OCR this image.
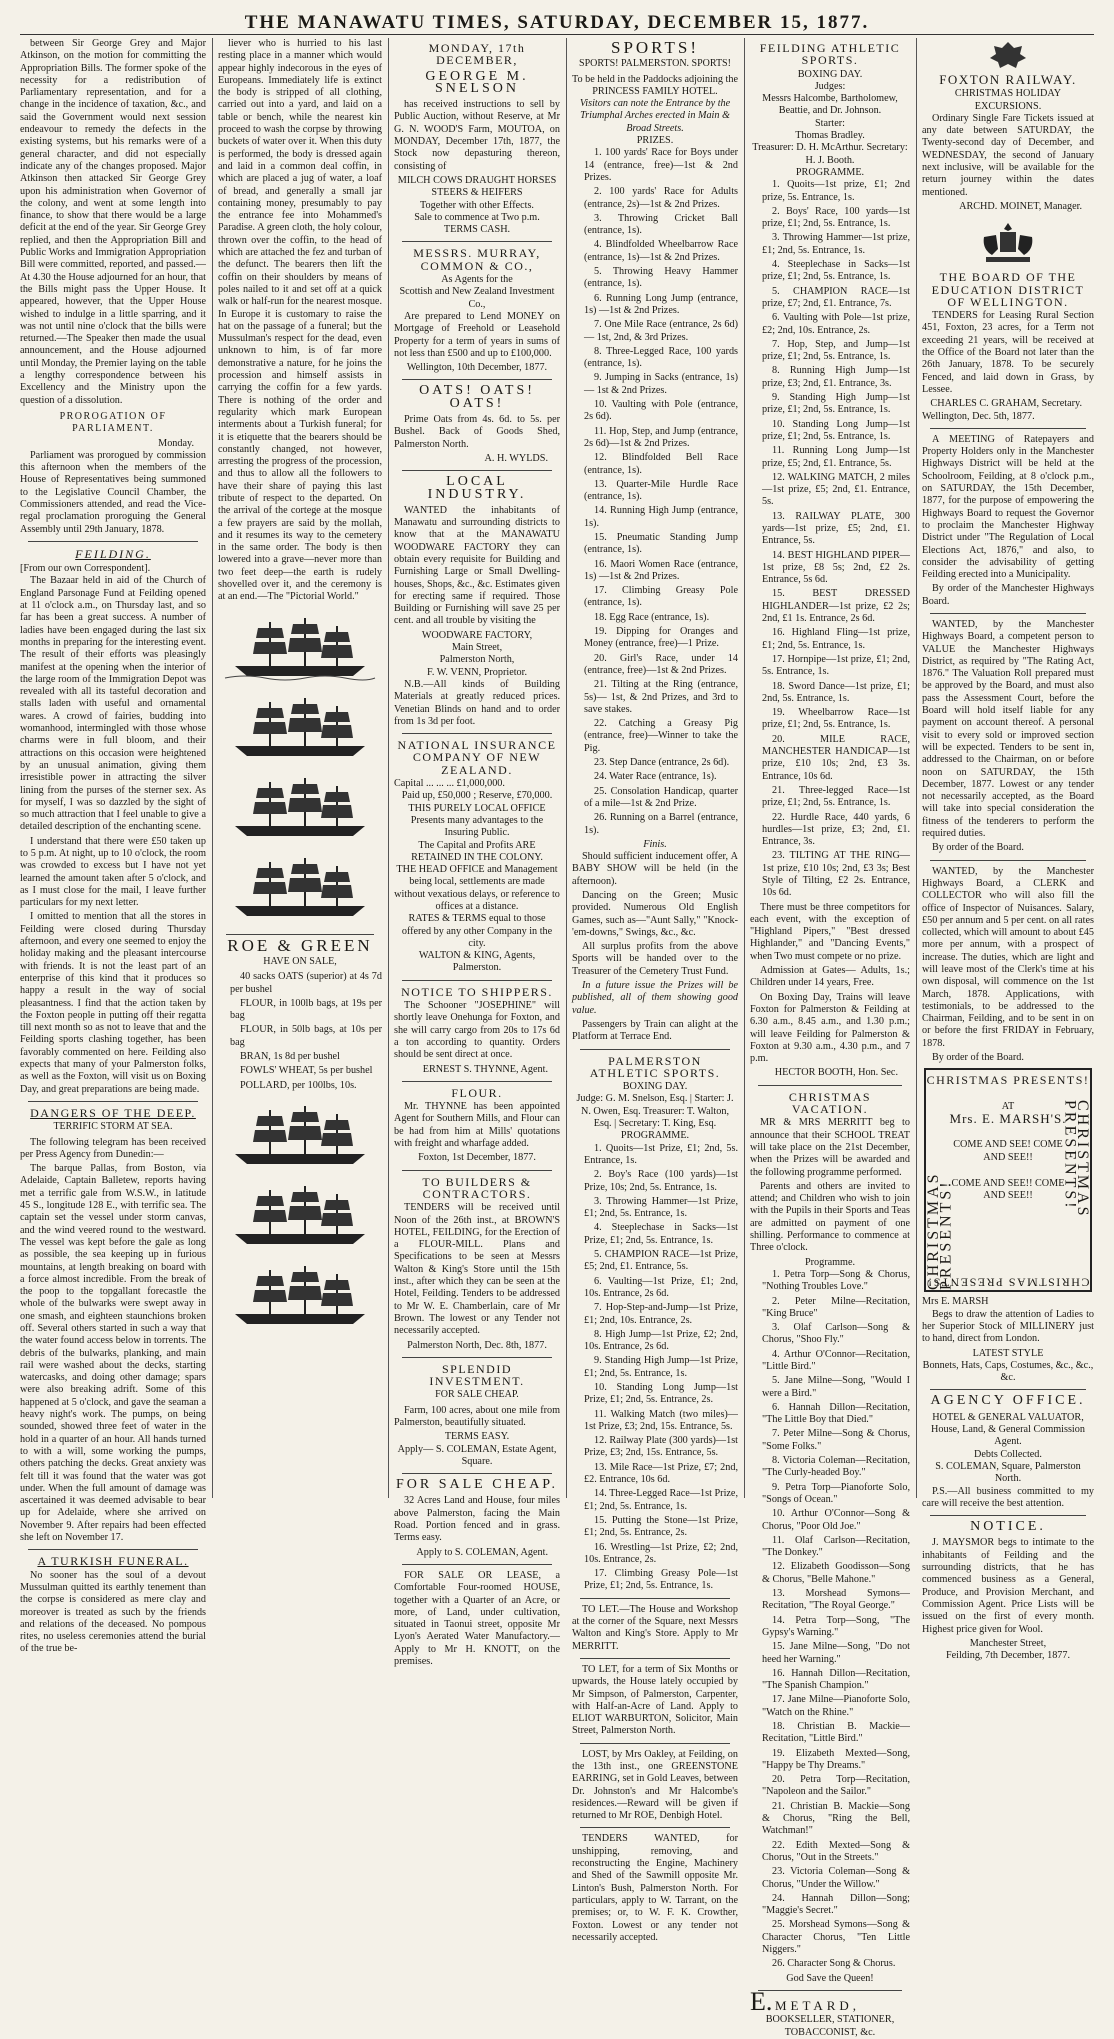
THE MANAWATU TIMES, SATURDAY, DECEMBER 15, 1877.

between Sir George Grey and Major Atkinson, on the motion for committing the Appropriation Bills. The former spoke of the necessity for a redistribution of Parliamentary representation, and for a change in the incidence of taxation, &c., and said the Government would next session endeavour to remedy the defects in the existing systems, but his remarks were of a general character, and did not especially indicate any of the changes proposed. Major Atkinson then attacked Sir George Grey upon his administration when Governor of the colony, and went at some length into finance, to show that there would be a large deficit at the end of the year. Sir George Grey replied, and then the Appropriation Bill and Public Works and Immigration Appropriation Bill were committed, reported, and passed.—At 4.30 the House adjourned for an hour, that the Bills might pass the Upper House. It appeared, however, that the Upper House wished to indulge in a little sparring, and it was not until nine o'clock that the bills were returned.—The Speaker then made the usual announcement, and the House adjourned until Monday, the Premier laying on the table a lengthy correspondence between his Excellency and the Ministry upon the question of a dissolution.

PROROGATION OF PARLIAMENT.
Monday.

Parliament was prorogued by commission this afternoon when the members of the House of Representatives being summoned to the Legislative Council Chamber, the Commissioners attended, and read the Vice-regal proclamation proroguing the General Assembly until 29th January, 1878.

FEILDING.
[From our own Correspondent].

The Bazaar held in aid of the Church of England Parsonage Fund at Feilding opened at 11 o'clock a.m., on Thursday last, and so far has been a great success. A number of ladies have been engaged during the last six months in preparing for the interesting event. The result of their efforts was pleasingly manifest at the opening when the interior of the large room of the Immigration Depot was revealed with all its tasteful decoration and stalls laden with useful and ornamental wares. A crowd of fairies, budding into womanhood, intermingled with those whose charms were in full bloom, and their attractions on this occasion were heightened by an unusual animation, giving them irresistible power in attracting the silver lining from the purses of the sterner sex. As for myself, I was so dazzled by the sight of so much attraction that I feel unable to give a detailed description of the enchanting scene.

I understand that there were £50 taken up to 5 p.m. At night, up to 10 o'clock, the room was crowded to excess but I have not yet learned the amount taken after 5 o'clock, and as I must close for the mail, I leave further particulars for my next letter.

I omitted to mention that all the stores in Feilding were closed during Thursday afternoon, and every one seemed to enjoy the holiday making and the pleasant intercourse with friends. It is not the least part of an enterprise of this kind that it produces so happy a result in the way of social pleasantness. I find that the action taken by the Foxton people in putting off their regatta till next month so as not to leave that and the Feilding sports clashing together, has been favorably commented on here. Feilding also expects that many of your Palmerston folks, as well as the Foxton, will visit us on Boxing Day, and great preparations are being made.

DANGERS OF THE DEEP.
TERRIFIC STORM AT SEA.

The following telegram has been received per Press Agency from Dunedin:—

The barque Pallas, from Boston, via Adelaide, Captain Balletew, reports having met a terrific gale from W.S.W., in latitude 45 S., longitude 128 E., with terrific sea. The captain set the vessel under storm canvas, and the wind veered round to the westward. The vessel was kept before the gale as long as possible, the sea keeping up in furious mountains, at length breaking on board with a force almost incredible. From the break of the poop to the topgallant forecastle the whole of the bulwarks were swept away in one smash, and eighteen staunchions broken off. Several others started in such a way that the water found access below in torrents. The debris of the bulwarks, planking, and main rail were washed about the decks, starting watercasks, and doing other damage; spars were also breaking adrift. Some of this happened at 5 o'clock, and gave the seaman a heavy night's work. The pumps, on being sounded, showed three feet of water in the hold in a quarter of an hour. All hands turned to with a will, some working the pumps, others patching the decks. Great anxiety was felt till it was found that the water was got under. When the full amount of damage was ascertained it was deemed advisable to bear up for Adelaide, where she arrived on November 9. After repairs had been effected she left on November 17.

A TURKISH FUNERAL.

No sooner has the soul of a devout Mussulman quitted its earthly tenement than the corpse is considered as mere clay and moreover is treated as such by the friends and relations of the deceased. No pompous rites, no useless ceremonies attend the burial of the true be-

liever who is hurried to his last resting place in a manner which would appear highly indecorous in the eyes of Europeans. Immediately life is extinct the body is stripped of all clothing, carried out into a yard, and laid on a table or bench, while the nearest kin proceed to wash the corpse by throwing buckets of water over it. When this duty is performed, the body is dressed again and laid in a common deal coffin, in which are placed a jug of water, a loaf of bread, and generally a small jar containing money, presumably to pay the entrance fee into Mohammed's Paradise. A green cloth, the holy colour, thrown over the coffin, to the head of which are attached the fez and turban of the defunct. The bearers then lift the coffin on their shoulders by means of poles nailed to it and set off at a quick walk or half-run for the nearest mosque. In Europe it is customary to raise the hat on the passage of a funeral; but the Mussulman's respect for the dead, even unknown to him, is of far more demonstrative a nature, for he joins the procession and himself assists in carrying the coffin for a few yards. There is nothing of the order and regularity which mark European interments about a Turkish funeral; for it is etiquette that the bearers should be constantly changed, not however, arresting the progress of the procession, and thus to allow all the followers to have their share of paying this last tribute of respect to the departed. On the arrival of the cortege at the mosque a few prayers are said by the mollah, and it resumes its way to the cemetery in the same order. The body is then lowered into a grave—never more than two feet deep—the earth is rudely shovelled over it, and the ceremony is at an end.—The "Pictorial World."

ROE & GREEN
HAVE ON SALE,

40 sacks OATS (superior) at 4s 7d per bushel

FLOUR, in 100lb bags, at 19s per bag

FLOUR, in 50lb bags, at 10s per bag

BRAN, 1s 8d per bushel

FOWLS' WHEAT, 5s per bushel

POLLARD, per 100lbs, 10s.

MONDAY, 17th DECEMBER,
GEORGE M. SNELSON

has received instructions to sell by Public Auction, without Reserve, at Mr G. N. WOOD'S Farm, MOUTOA, on MONDAY, December 17th, 1877, the Stock now depasturing thereon, consisting of

MILCH COWS DRAUGHT HORSES STEERS & HEIFERS
Together with other Effects.
Sale to commence at Two p.m.
TERMS CASH.
MESSRS. MURRAY, COMMON & CO.,
As Agents for the
Scottish and New Zealand Investment Co.,

Are prepared to Lend MONEY on Mortgage of Freehold or Leasehold Property for a term of years in sums of not less than £500 and up to £100,000.

Wellington, 10th December, 1877.
OATS! OATS! OATS!

Prime Oats from 4s. 6d. to 5s. per Bushel. Back of Goods Shed, Palmerston North.

A. H. WYLDS.
LOCAL INDUSTRY.

WANTED the inhabitants of Manawatu and surrounding districts to know that at the MANAWATU WOODWARE FACTORY they can obtain every requisite for Building and Furnishing Large or Small Dwelling-houses, Shops, &c., &c. Estimates given for erecting same if required. Those Building or Furnishing will save 25 per cent. and all trouble by visiting the

WOODWARE FACTORY,
Main Street,
Palmerston North,
F. W. VENN, Proprietor.

N.B.—All kinds of Building Materials at greatly reduced prices. Venetian Blinds on hand and to order from 1s 3d per foot.

NATIONAL INSURANCE COMPANY OF NEW ZEALAND.
Capital ... ... ... £1,000,000.
Paid up, £50,000 ; Reserve, £70,000.
THIS PURELY LOCAL OFFICE Presents many advantages to the Insuring Public.
The Capital and Profits ARE RETAINED IN THE COLONY.
THE HEAD OFFICE and Management being local, settlements are made without vexatious delays, or reference to offices at a distance.
RATES & TERMS equal to those offered by any other Company in the city.
WALTON & KING, Agents, Palmerston.
NOTICE TO SHIPPERS.

The Schooner "JOSEPHINE" will shortly leave Onehunga for Foxton, and she will carry cargo from 20s to 17s 6d a ton according to quantity. Orders should be sent direct at once.

ERNEST S. THYNNE, Agent.
FLOUR.

Mr. THYNNE has been appointed Agent for Southern Mills, and Flour can be had from him at Mills' quotations with freight and wharfage added.

Foxton, 1st December, 1877.
TO BUILDERS & CONTRACTORS.

TENDERS will be received until Noon of the 26th inst., at BROWN'S HOTEL, FEILDING, for the Erection of a FLOUR-MILL. Plans and Specifications to be seen at Messrs Walton & King's Store until the 15th inst., after which they can be seen at the Hotel, Feilding. Tenders to be addressed to Mr W. E. Chamberlain, care of Mr Brown. The lowest or any Tender not necessarily accepted.

Palmerston North, Dec. 8th, 1877.
SPLENDID INVESTMENT.
FOR SALE CHEAP.

Farm, 100 acres, about one mile from Palmerston, beautifully situated.

TERMS EASY.
Apply— S. COLEMAN, Estate Agent, Square.
FOR SALE CHEAP.

32 Acres Land and House, four miles above Palmerston, facing the Main Road. Portion fenced and in grass. Terms easy.

Apply to S. COLEMAN, Agent.

FOR SALE OR LEASE, a Comfortable Four-roomed HOUSE, together with a Quarter of an Acre, or more, of Land, under cultivation, situated in Taonui street, opposite Mr Lyon's Aerated Water Manufactory.— Apply to Mr H. KNOTT, on the premises.

SPORTS!
SPORTS! PALMERSTON. SPORTS!
To be held in the Paddocks adjoining the
PRINCESS FAMILY HOTEL.
Visitors can note the Entrance by the Triumphal Arches erected in Main & Broad Streets.
PRIZES.

1. 100 yards' Race for Boys under 14 (entrance, free)—1st & 2nd Prizes.

2. 100 yards' Race for Adults (entrance, 2s)—1st & 2nd Prizes.

3. Throwing Cricket Ball (entrance, 1s).

4. Blindfolded Wheelbarrow Race (entrance, 1s)—1st & 2nd Prizes.

5. Throwing Heavy Hammer (entrance, 1s).

6. Running Long Jump (entrance, 1s) —1st & 2nd Prizes.

7. One Mile Race (entrance, 2s 6d)— 1st, 2nd, & 3rd Prizes.

8. Three-Legged Race, 100 yards (entrance, 1s).

9. Jumping in Sacks (entrance, 1s)— 1st & 2nd Prizes.

10. Vaulting with Pole (entrance, 2s 6d).

11. Hop, Step, and Jump (entrance, 2s 6d)—1st & 2nd Prizes.

12. Blindfolded Bell Race (entrance, 1s).

13. Quarter-Mile Hurdle Race (entrance, 1s).

14. Running High Jump (entrance, 1s).

15. Pneumatic Standing Jump (entrance, 1s).

16. Maori Women Race (entrance, 1s) —1st & 2nd Prizes.

17. Climbing Greasy Pole (entrance, 1s).

18. Egg Race (entrance, 1s).

19. Dipping for Oranges and Money (entrance, free)—1 Prize.

20. Girl's Race, under 14 (entrance, free)—1st & 2nd Prizes.

21. Tilting at the Ring (entrance, 5s)— 1st, & 2nd Prizes, and 3rd to save stakes.

22. Catching a Greasy Pig (entrance, free)—Winner to take the Pig.

23. Step Dance (entrance, 2s 6d).

24. Water Race (entrance, 1s).

25. Consolation Handicap, quarter of a mile—1st & 2nd Prize.

26. Running on a Barrel (entrance, 1s).

Finis.

Should sufficient inducement offer, A BABY SHOW will be held (in the afternoon).

Dancing on the Green; Music provided. Numerous Old English Games, such as—"Aunt Sally," "Knock-'em-downs," Swings, &c., &c.

All surplus profits from the above Sports will be handed over to the Treasurer of the Cemetery Trust Fund.

In a future issue the Prizes will be published, all of them showing good value.

Passengers by Train can alight at the Platform at Terrace End.

PALMERSTON ATHLETIC SPORTS.
BOXING DAY.
Judge: G. M. Snelson, Esq. | Starter: J. N. Owen, Esq. Treasurer: T. Walton, Esq. | Secretary: T. King, Esq.
PROGRAMME.

1. Quoits—1st Prize, £1; 2nd, 5s. Entrance, 1s.

2. Boy's Race (100 yards)—1st Prize, 10s; 2nd, 5s. Entrance, 1s.

3. Throwing Hammer—1st Prize, £1; 2nd, 5s. Entrance, 1s.

4. Steeplechase in Sacks—1st Prize, £1; 2nd, 5s. Entrance, 1s.

5. CHAMPION RACE—1st Prize, £5; 2nd, £1. Entrance, 5s.

6. Vaulting—1st Prize, £1; 2nd, 10s. Entrance, 2s 6d.

7. Hop-Step-and-Jump—1st Prize, £1; 2nd, 10s. Entrance, 2s.

8. High Jump—1st Prize, £2; 2nd, 10s. Entrance, 2s 6d.

9. Standing High Jump—1st Prize, £1; 2nd, 5s. Entrance, 1s.

10. Standing Long Jump—1st Prize, £1; 2nd, 5s. Entrance, 2s.

11. Walking Match (two miles)—1st Prize, £3; 2nd, 15s. Entrance, 5s.

12. Railway Plate (300 yards)—1st Prize, £3; 2nd, 15s. Entrance, 5s.

13. Mile Race—1st Prize, £7; 2nd, £2. Entrance, 10s 6d.

14. Three-Legged Race—1st Prize, £1; 2nd, 5s. Entrance, 1s.

15. Putting the Stone—1st Prize, £1; 2nd, 5s. Entrance, 2s.

16. Wrestling—1st Prize, £2; 2nd, 10s. Entrance, 2s.

17. Climbing Greasy Pole—1st Prize, £1; 2nd, 5s. Entrance, 1s.

TO LET.—The House and Workshop at the corner of the Square, next Messrs Walton and King's Store. Apply to Mr MERRITT.

TO LET, for a term of Six Months or upwards, the House lately occupied by Mr Simpson, of Palmerston, Carpenter, with Half-an-Acre of Land. Apply to ELIOT WARBURTON, Solicitor, Main Street, Palmerston North.

LOST, by Mrs Oakley, at Feilding, on the 13th inst., one GREENSTONE EARRING, set in Gold Leaves, between Dr. Johnston's and Mr Halcombe's residences.—Reward will be given if returned to Mr ROE, Denbigh Hotel.

TENDERS WANTED, for unshipping, removing, and reconstructing the Engine, Machinery and Shed of the Sawmill opposite Mr. Linton's Bush, Palmerston North. For particulars, apply to W. Tarrant, on the premises; or, to W. F. K. Crowther, Foxton. Lowest or any tender not necessarily accepted.

FEILDING ATHLETIC SPORTS.
BOXING DAY.
Judges:
Messrs Halcombe, Bartholomew, Beattie, and Dr. Johnson.
Starter:
Thomas Bradley.
Treasurer: D. H. McArthur. Secretary: H. J. Booth.
PROGRAMME.

1. Quoits—1st prize, £1; 2nd prize, 5s. Entrance, 1s.

2. Boys' Race, 100 yards—1st prize, £1; 2nd, 5s. Entrance, 1s.

3. Throwing Hammer—1st prize, £1; 2nd, 5s. Entrance, 1s.

4. Steeplechase in Sacks—1st prize, £1; 2nd, 5s. Entrance, 1s.

5. CHAMPION RACE—1st prize, £7; 2nd, £1. Entrance, 7s.

6. Vaulting with Pole—1st prize, £2; 2nd, 10s. Entrance, 2s.

7. Hop, Step, and Jump—1st prize, £1; 2nd, 5s. Entrance, 1s.

8. Running High Jump—1st prize, £3; 2nd, £1. Entrance, 3s.

9. Standing High Jump—1st prize, £1; 2nd, 5s. Entrance, 1s.

10. Standing Long Jump—1st prize, £1; 2nd, 5s. Entrance, 1s.

11. Running Long Jump—1st prize, £5; 2nd, £1. Entrance, 5s.

12. WALKING MATCH, 2 miles—1st prize, £5; 2nd, £1. Entrance, 5s.

13. RAILWAY PLATE, 300 yards—1st prize, £5; 2nd, £1. Entrance, 5s.

14. BEST HIGHLAND PIPER—1st prize, £8 5s; 2nd, £2 2s. Entrance, 5s 6d.

15. BEST DRESSED HIGHLANDER—1st prize, £2 2s; 2nd, £1 1s. Entrance, 2s 6d.

16. Highland Fling—1st prize, £1; 2nd, 5s. Entrance, 1s.

17. Hornpipe—1st prize, £1; 2nd, 5s. Entrance, 1s.

18. Sword Dance—1st prize, £1; 2nd, 5s. Entrance, 1s.

19. Wheelbarrow Race—1st prize, £1; 2nd, 5s. Entrance, 1s.

20. MILE RACE, MANCHESTER HANDICAP—1st prize, £10 10s; 2nd, £3 3s. Entrance, 10s 6d.

21. Three-legged Race—1st prize, £1; 2nd, 5s. Entrance, 1s.

22. Hurdle Race, 440 yards, 6 hurdles—1st prize, £3; 2nd, £1. Entrance, 3s.

23. TILTING AT THE RING—1st prize, £10 10s; 2nd, £3 3s; Best Style of Tilting, £2 2s. Entrance, 10s 6d.

There must be three competitors for each event, with the exception of "Highland Pipers," "Best dressed Highlander," and "Dancing Events," when Two must compete or no prize.

Admission at Gates— Adults, 1s.; Children under 14 years, Free.

On Boxing Day, Trains will leave Foxton for Palmerston & Feilding at 6.30 a.m., 8.45 a.m., and 1.30 p.m.; will leave Feilding for Palmerston & Foxton at 9.30 a.m., 4.30 p.m., and 7 p.m.

HECTOR BOOTH, Hon. Sec.
CHRISTMAS VACATION.

MR & MRS MERRITT beg to announce that their SCHOOL TREAT will take place on the 21st December, when the Prizes will be awarded and the following programme performed.

Parents and others are invited to attend; and Children who wish to join with the Pupils in their Sports and Teas are admitted on payment of one shilling. Performance to commence at Three o'clock.

Programme.

1. Petra Torp—Song & Chorus, "Nothing Troubles Love."

2. Peter Milne—Recitation, "King Bruce"

3. Olaf Carlson—Song & Chorus, "Shoo Fly."

4. Arthur O'Connor—Recitation, "Little Bird."

5. Jane Milne—Song, "Would I were a Bird."

6. Hannah Dillon—Recitation, "The Little Boy that Died."

7. Peter Milne—Song & Chorus, "Some Folks."

8. Victoria Coleman—Recitation, "The Curly-headed Boy."

9. Petra Torp—Pianoforte Solo, "Songs of Ocean."

10. Arthur O'Connor—Song & Chorus, "Poor Old Joe."

11. Olaf Carlson—Recitation, "The Donkey."

12. Elizabeth Goodisson—Song & Chorus, "Belle Mahone."

13. Morshead Symons—Recitation, "The Royal George."

14. Petra Torp—Song, "The Gypsy's Warning."

15. Jane Milne—Song, "Do not heed her Warning."

16. Hannah Dillon—Recitation, "The Spanish Champion."

17. Jane Milne—Pianoforte Solo, "Watch on the Rhine."

18. Christian B. Mackie—Recitation, "Little Bird."

19. Elizabeth Mexted—Song, "Happy be Thy Dreams."

20. Petra Torp—Recitation, "Napoleon and the Sailor."

21. Christian B. Mackie—Song & Chorus, "Ring the Bell, Watchman!"

22. Edith Mexted—Song & Chorus, "Out in the Streets."

23. Victoria Coleman—Song & Chorus, "Under the Willow."

24. Hannah Dillon—Song; "Maggie's Secret."

25. Morshead Symons—Song & Character Chorus, "Ten Little Niggers."

26. Character Song & Chorus.

God Save the Queen!
E. METARD,
BOOKSELLER, STATIONER, TOBACCONIST, &c.
FOXTON RAILWAY.
CHRISTMAS HOLIDAY EXCURSIONS.

Ordinary Single Fare Tickets issued at any date between SATURDAY, the Twenty-second day of December, and WEDNESDAY, the second of January next inclusive, will be available for the return journey within the dates mentioned.

ARCHD. MOINET, Manager.
THE BOARD OF THE EDUCATION DISTRICT OF WELLINGTON.

TENDERS for Leasing Rural Section 451, Foxton, 23 acres, for a Term not exceeding 21 years, will be received at the Office of the Board not later than the 26th January, 1878. To be securely Fenced, and laid down in Grass, by Lessee.

CHARLES C. GRAHAM, Secretary.
Wellington, Dec. 5th, 1877.

A MEETING of Ratepayers and Property Holders only in the Manchester Highways District will be held at the Schoolroom, Feilding, at 8 o'clock p.m., on SATURDAY, the 15th December, 1877, for the purpose of empowering the Highways Board to request the Governor to proclaim the Manchester Highway District under "The Regulation of Local Elections Act, 1876," and also, to consider the advisability of getting Feilding erected into a Municipality.

By order of the Manchester Highways Board.

WANTED, by the Manchester Highways Board, a competent person to VALUE the Manchester Highways District, as required by "The Rating Act, 1876." The Valuation Roll prepared must be approved by the Board, and must also pass the Assessment Court, before the Board will hold itself liable for any payment on account thereof. A personal visit to every sold or improved section will be expected. Tenders to be sent in, addressed to the Chairman, on or before noon on SATURDAY, the 15th December, 1877. Lowest or any tender not necessarily accepted, as the Board will take into special consideration the fitness of the tenderers to perform the required duties.

By order of the Board.

WANTED, by the Manchester Highways Board, a CLERK and COLLECTOR who will also fill the office of Inspector of Nuisances. Salary, £50 per annum and 5 per cent. on all rates collected, which will amount to about £45 more per annum, with a prospect of increase. The duties, which are light and will leave most of the Clerk's time at his own disposal, will commence on the 1st March, 1878. Applications, with testimonials, to be addressed to the Chairman, Feilding, and to be sent in on or before the first FRIDAY in February, 1878.

By order of the Board.

CHRISTMAS PRESENTS!
CHRISTMAS PRESENTS!
CHRISTMAS PRESENTS!
AT
Mrs. E. MARSH'S.
COME AND SEE! COME AND SEE!!
COME AND SEE!! COME AND SEE!!
CHRISTMAS PRESENTS!
Mrs E. MARSH

Begs to draw the attention of Ladies to her Superior Stock of MILLINERY just to hand, direct from London.

LATEST STYLE
Bonnets, Hats, Caps, Costumes, &c., &c., &c.
AGENCY OFFICE.
HOTEL & GENERAL VALUATOR, House, Land, & General Commission Agent.
Debts Collected.
S. COLEMAN, Square, Palmerston North.

P.S.—All business committed to my care will receive the best attention.

NOTICE.

J. MAYSMOR begs to intimate to the inhabitants of Feilding and the surrounding districts, that he has commenced business as a General, Produce, and Provision Merchant, and Commission Agent. Price Lists will be issued on the first of every month. Highest price given for Wool.

Manchester Street,
Feilding, 7th December, 1877.
